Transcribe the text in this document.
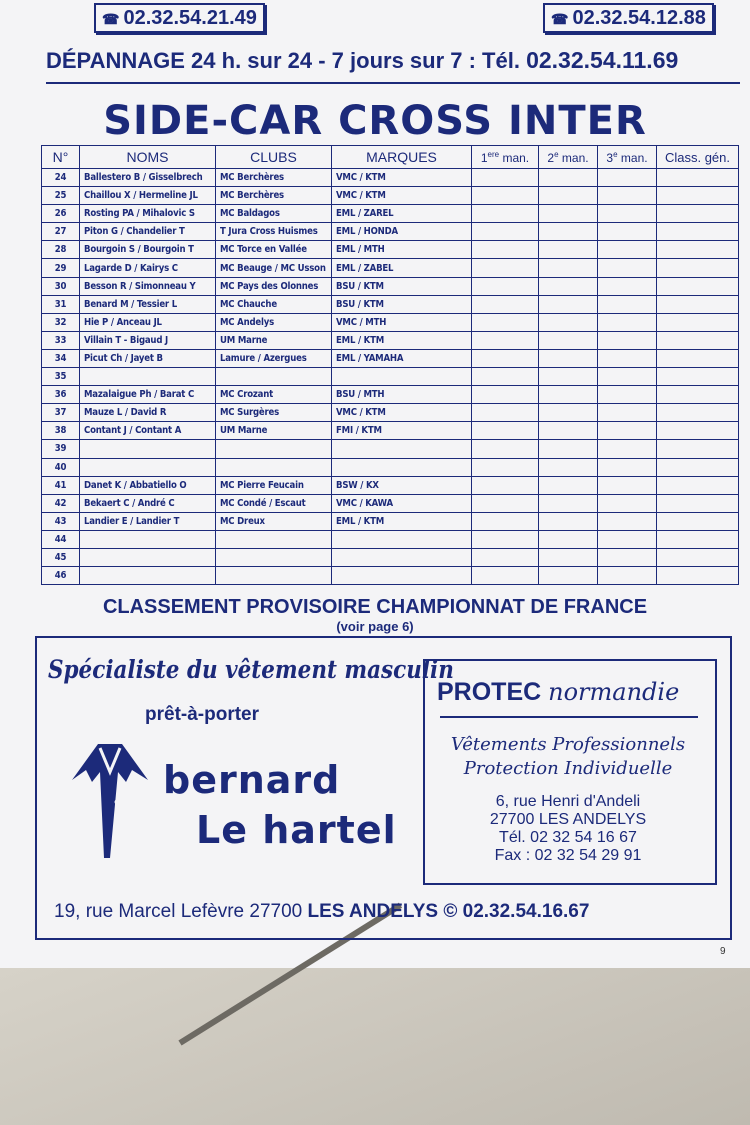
☎ 02.32.54.21.49	☎ 02.32.54.12.88
DÉPANNAGE 24 h. sur 24 - 7 jours sur 7 : Tél. 02.32.54.11.69
SIDE-CAR CROSS INTER
N°	NOMS	CLUBS	MARQUES	1ere man.	2e man.	3e man.	Class. gén.
24	Ballestero B / Gisselbrech	MC Berchères	VMC / KTM				
25	Chaillou X / Hermeline JL	MC Berchères	VMC / KTM				
26	Rosting PA / Mihalovic S	MC Baldagos	EML / ZAREL				
27	Piton G / Chandelier T	T Jura Cross Huismes	EML / HONDA				
28	Bourgoin S / Bourgoin T	MC Torce en Vallée	EML / MTH				
29	Lagarde D / Kairys C	MC Beauge / MC Usson	EML / ZABEL				
30	Besson R / Simonneau Y	MC Pays des Olonnes	BSU / KTM				
31	Benard M / Tessier L	MC Chauche	BSU / KTM				
32	Hie P / Anceau JL	MC Andelys	VMC / MTH				
33	Villain T - Bigaud J	UM Marne	EML / KTM				
34	Picut Ch / Jayet B	Lamure / Azergues	EML / YAMAHA				
35							
36	Mazalaigue Ph / Barat C	MC Crozant	BSU / MTH				
37	Mauze L / David R	MC Surgères	VMC / KTM				
38	Contant J / Contant A	UM Marne	FMI / KTM				
39							
40							
41	Danet K / Abbatiello O	MC Pierre Feucain	BSW / KX				
42	Bekaert C / André C	MC Condé / Escaut	VMC / KAWA				
43	Landier E / Landier T	MC Dreux	EML / KTM				
44							
45							
46							
CLASSEMENT PROVISOIRE CHAMPIONNAT DE FRANCE
(voir page 6)
Spécialiste du vêtement masculin
prêt-à-porter
bernard
Le hartel
19, rue Marcel Lefèvre 27700 LES ANDELYS © 02.32.54.16.67
PROTEC normandie
Vêtements Professionnels
Protection Individuelle
6, rue Henri d'Andeli
27700 LES ANDELYS
Tél. 02 32 54 16 67
Fax : 02 32 54 29 91
9
